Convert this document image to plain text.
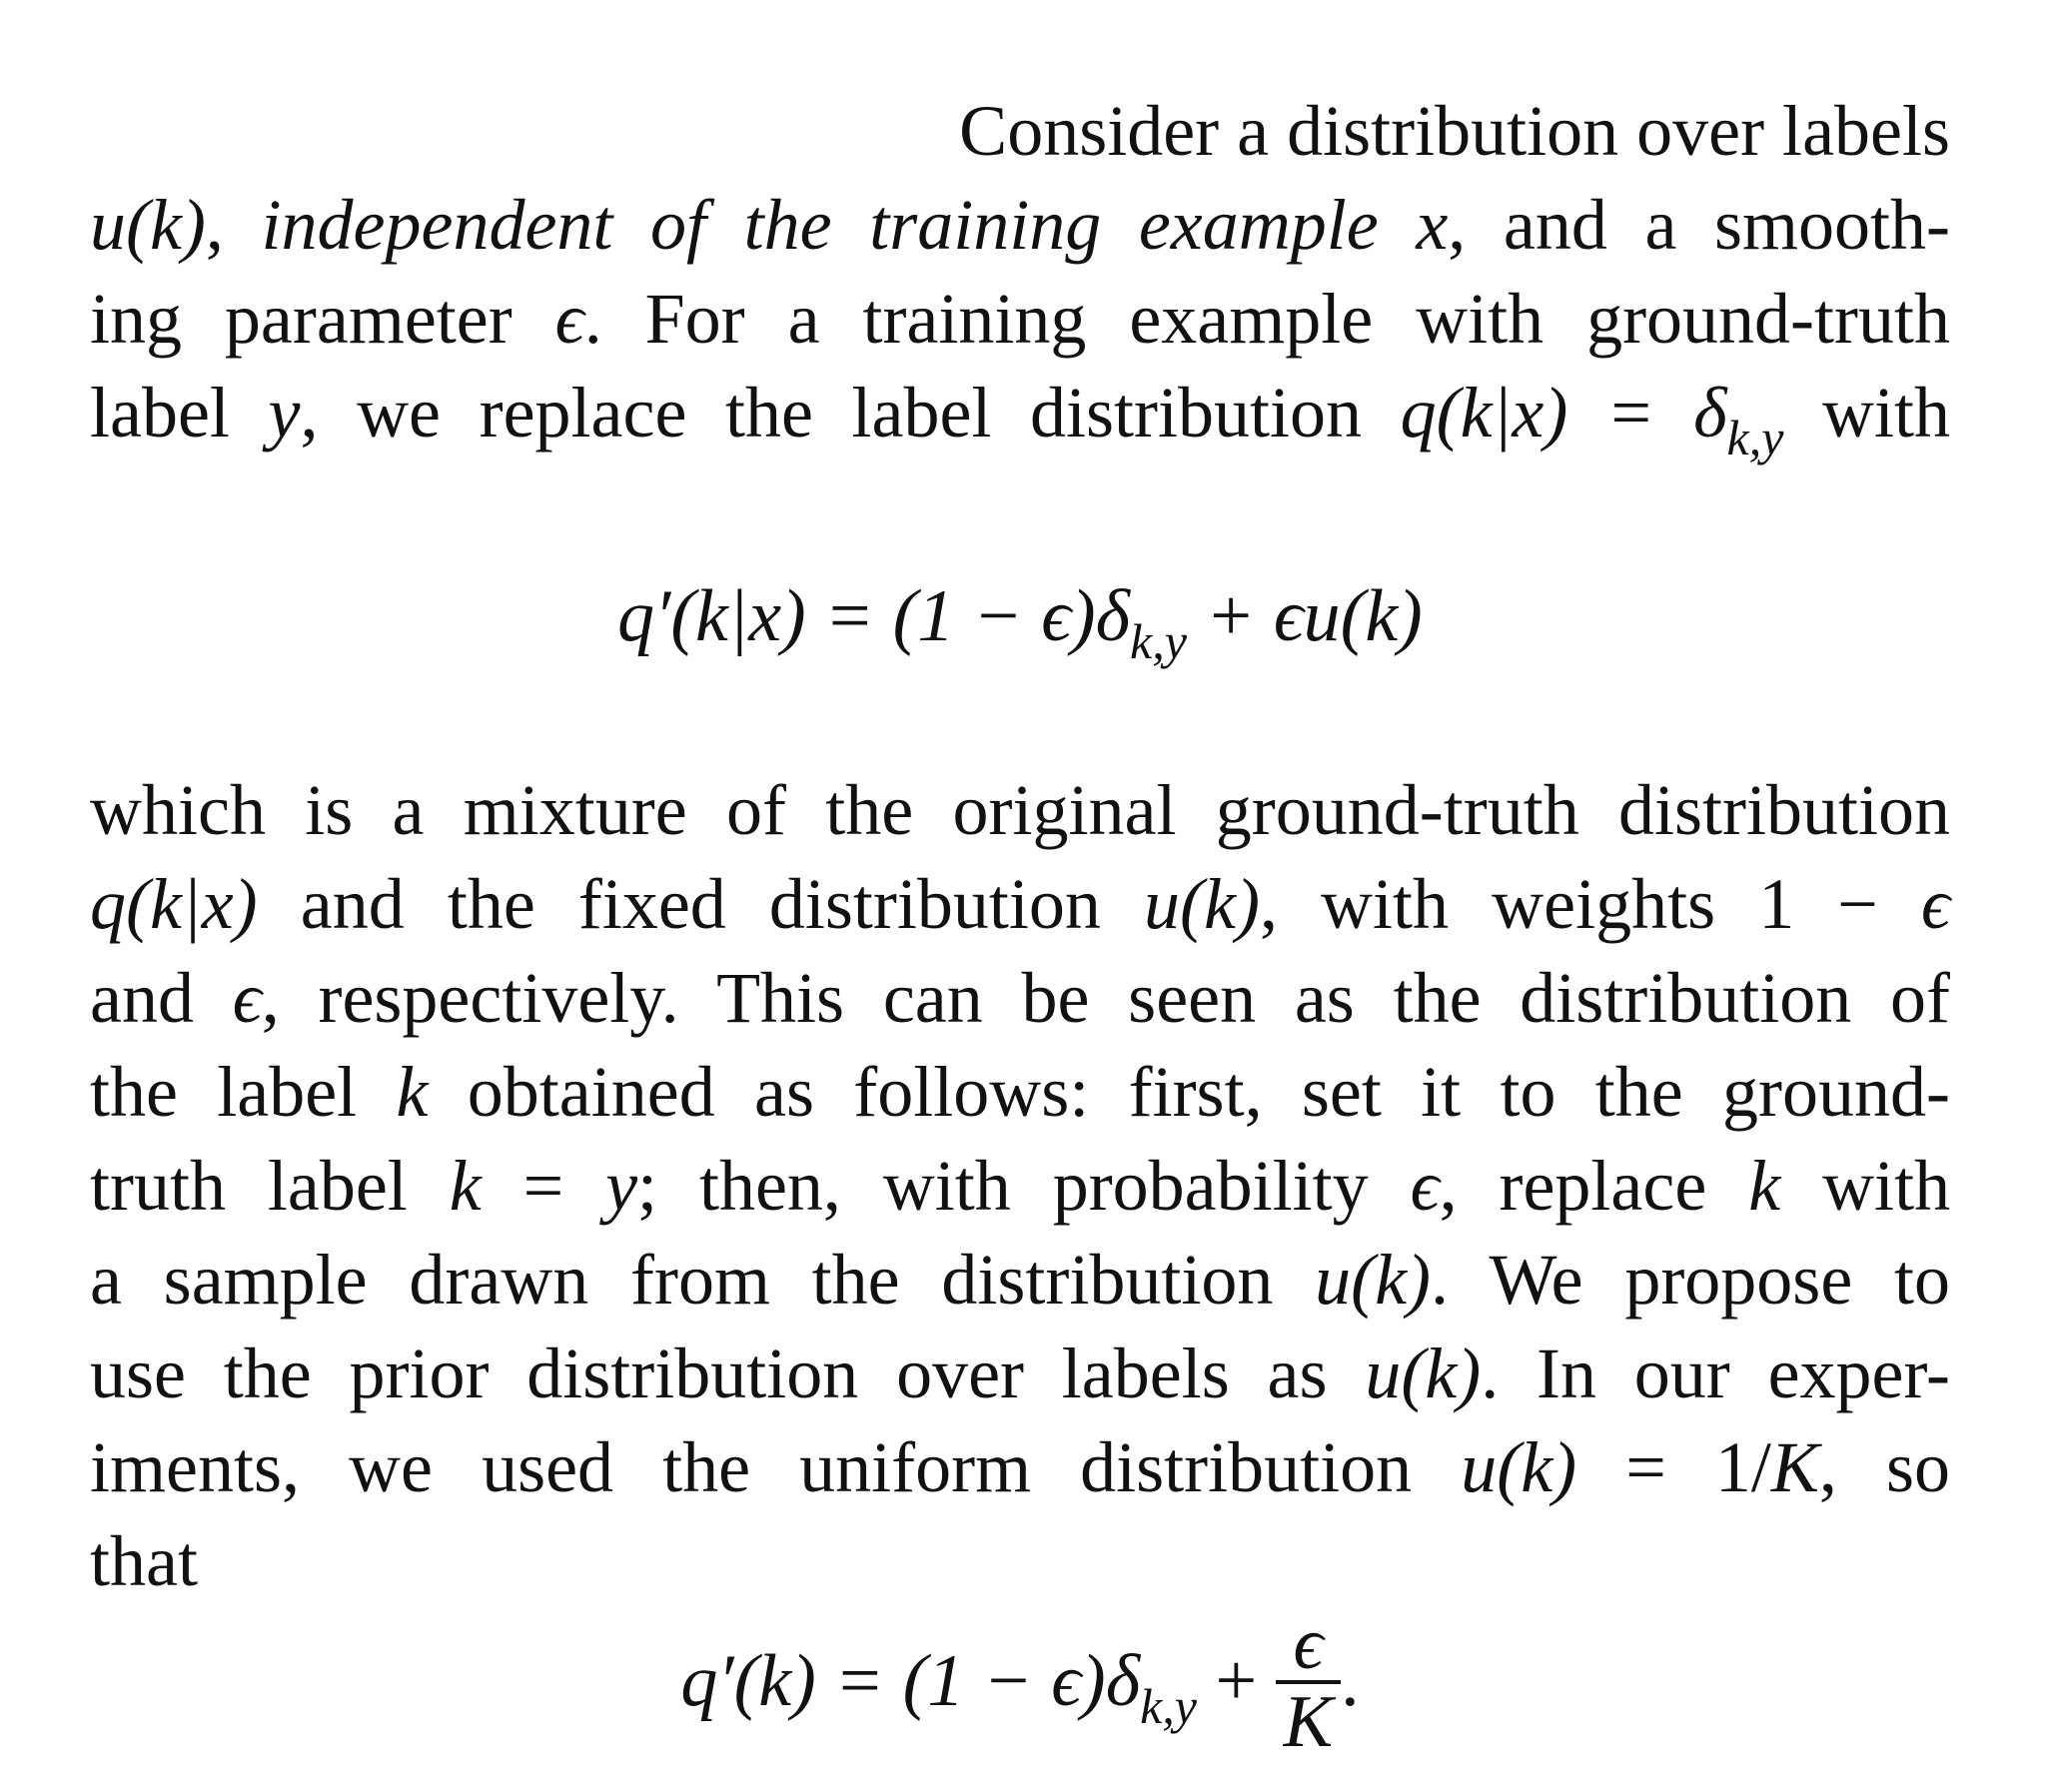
Consider a distribution over labels
u(k), independent of the training example x, and a smooth-
ing parameter ϵ. For a training example with ground-truth
label y, we replace the label distribution $q(k|x) = \delta_{k,y}$ with
$q'(k|x) = (1 - \epsilon)\delta_{k,y} + \epsilon u(k)$
which is a mixture of the original ground-truth distribution
q(k|x) and the fixed distribution u(k), with weights 1 − ϵ
and ϵ, respectively. This can be seen as the distribution of
the label k obtained as follows: first, set it to the ground-
truth label k = y; then, with probability ϵ, replace k with
a sample drawn from the distribution u(k). We propose to
use the prior distribution over labels as u(k). In our exper-
iments, we used the uniform distribution u(k) = 1/K, so
that
$q'(k) = (1 - \epsilon)\delta_{k,y} + \frac{\epsilon}{K}$ .
